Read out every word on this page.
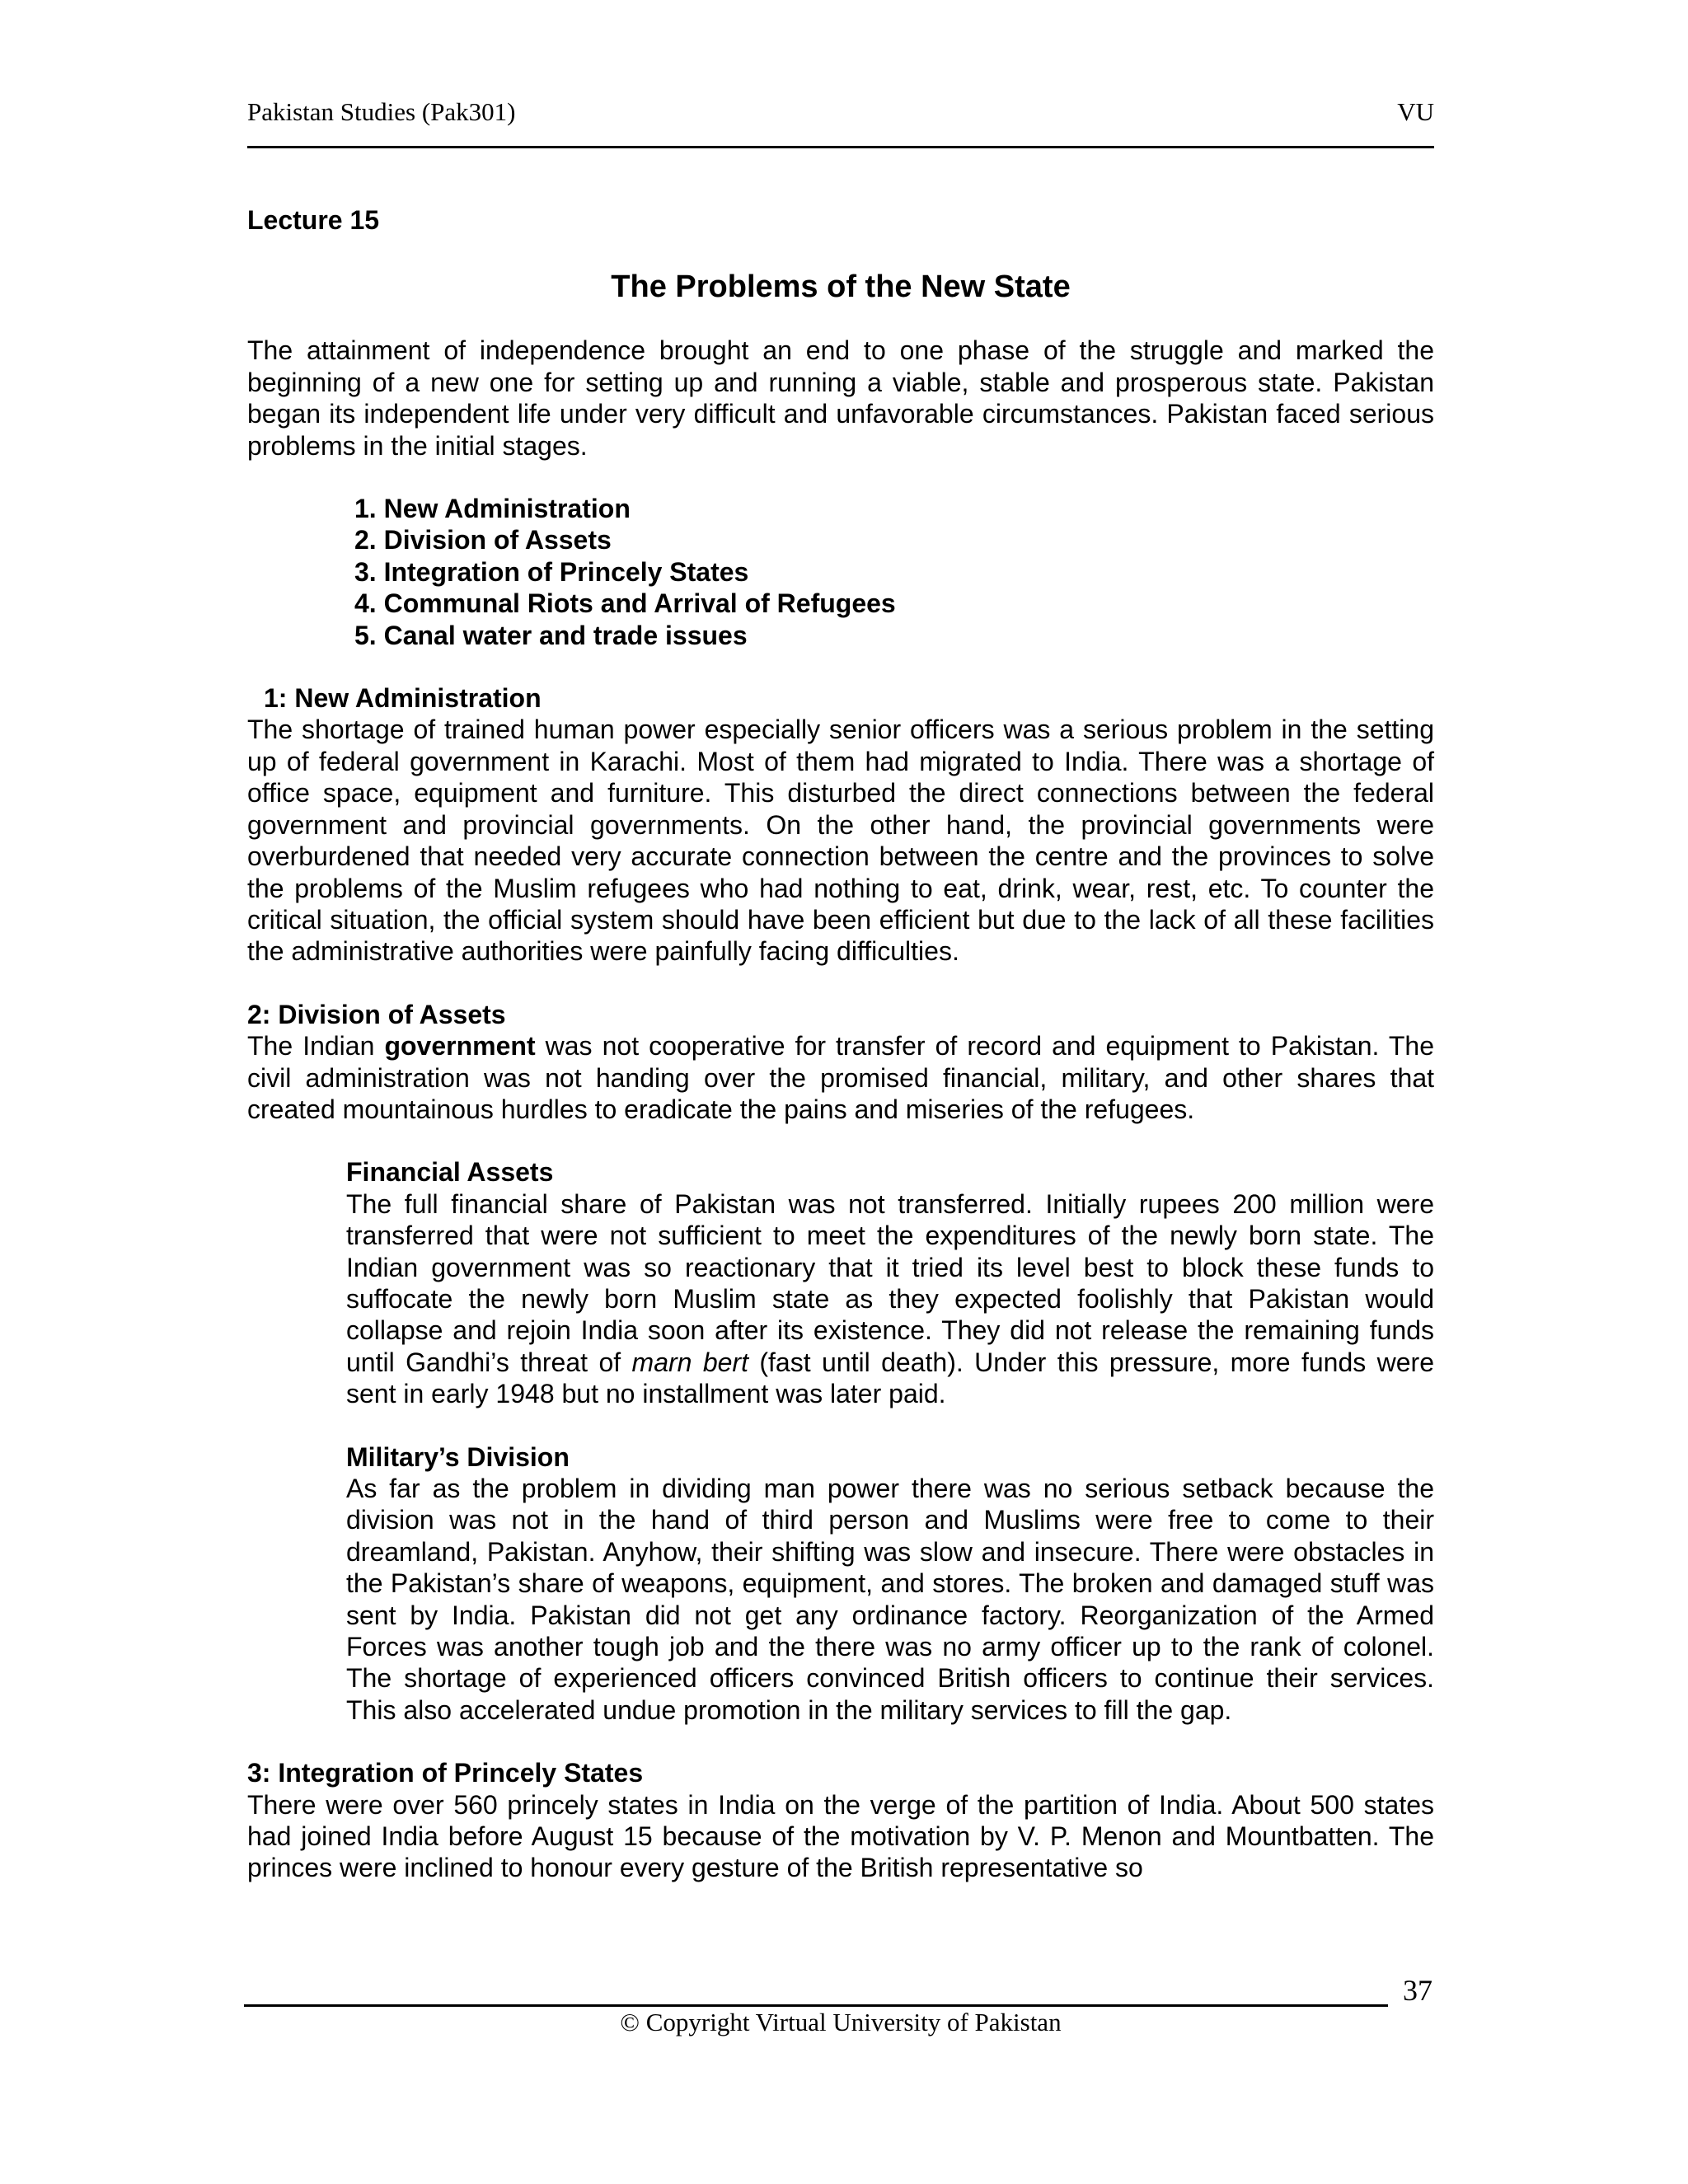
Pakistan Studies (Pak301)	VU

Lecture 15

The Problems of the New State

The attainment of independence brought an end to one phase of the struggle and marked the beginning of a new one for setting up and running a viable, stable and prosperous state. Pakistan began its independent life under very difficult and unfavorable circumstances. Pakistan faced serious problems in the initial stages.

1. New Administration
2. Division of Assets
3. Integration of Princely States
4. Communal Riots and Arrival of Refugees
5. Canal water and trade issues

1: New Administration

The shortage of trained human power especially senior officers was a serious problem in the setting up of federal government in Karachi. Most of them had migrated to India. There was a shortage of office space, equipment and furniture. This disturbed the direct connections between the federal government and provincial governments. On the other hand, the provincial governments were overburdened that needed very accurate connection between the centre and the provinces to solve the problems of the Muslim refugees who had nothing to eat, drink, wear, rest, etc. To counter the critical situation, the official system should have been efficient but due to the lack of all these facilities the administrative authorities were painfully facing difficulties.

2: Division of Assets

The Indian government was not cooperative for transfer of record and equipment to Pakistan. The civil administration was not handing over the promised financial, military, and other shares that created mountainous hurdles to eradicate the pains and miseries of the refugees.

Financial Assets

The full financial share of Pakistan was not transferred. Initially rupees 200 million were transferred that were not sufficient to meet the expenditures of the newly born state. The Indian government was so reactionary that it tried its level best to block these funds to suffocate the newly born Muslim state as they expected foolishly that Pakistan would collapse and rejoin India soon after its existence. They did not release the remaining funds until Gandhi’s threat of marn bert (fast until death). Under this pressure, more funds were sent in early 1948 but no installment was later paid.

Military’s Division

As far as the problem in dividing man power there was no serious setback because the division was not in the hand of third person and Muslims were free to come to their dreamland, Pakistan. Anyhow, their shifting was slow and insecure. There were obstacles in the Pakistan’s share of weapons, equipment, and stores. The broken and damaged stuff was sent by India. Pakistan did not get any ordinance factory. Reorganization of the Armed Forces was another tough job and the there was no army officer up to the rank of colonel. The shortage of experienced officers convinced British officers to continue their services. This also accelerated undue promotion in the military services to fill the gap.

3: Integration of Princely States

There were over 560 princely states in India on the verge of the partition of India. About 500 states had joined India before August 15 because of the motivation by V. P. Menon and Mountbatten. The princes were inclined to honour every gesture of the British representative so

37
© Copyright Virtual University of Pakistan
